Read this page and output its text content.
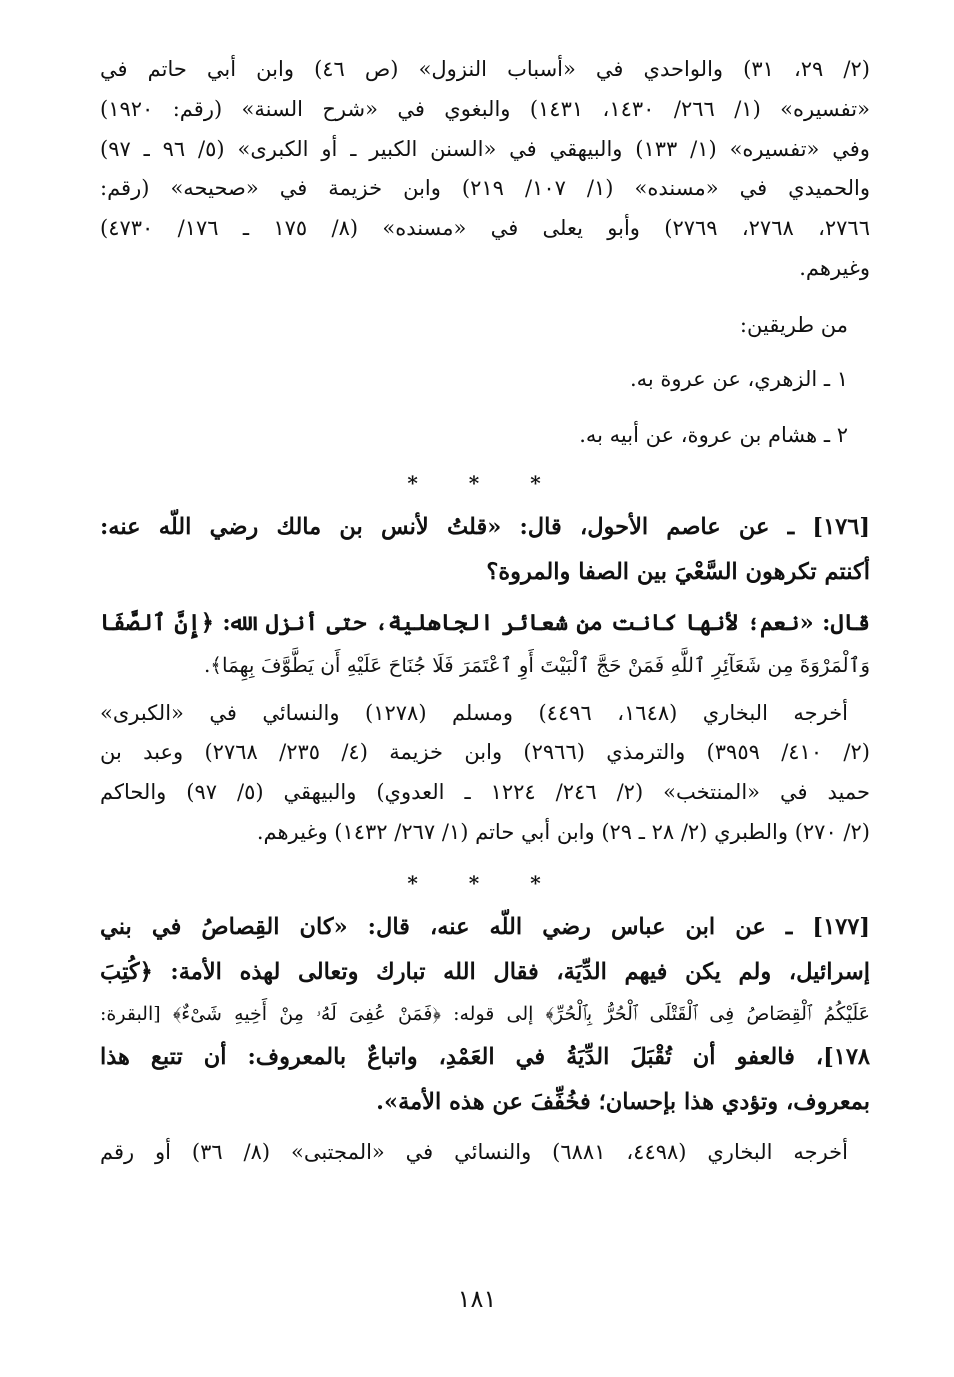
(٢/ ٢٩، ٣١) والواحدي في «أسباب النزول» (ص ٤٦) وابن أبي حاتم في

«تفسيره» (١/ ٢٦٦/ ١٤٣٠، ١٤٣١) والبغوي في «شرح السنة» (رقم: ١٩٢٠)

وفي «تفسيره» (١/ ١٣٣) والبيهقي في «السنن الكبير ـ أو الكبرى» (٥/ ٩٦ ـ ٩٧)

والحميدي في «مسنده» (١/ ١٠٧/ ٢١٩) وابن خزيمة في «صحيحه» (رقم:

٢٧٦٦، ٢٧٦٨، ٢٧٦٩) وأبو يعلى في «مسنده» (٨/ ١٧٥ ـ ١٧٦/ ٤٧٣٠)

وغيرهم.

من طريقين:

١ ـ الزهري، عن عروة به.

٢ ـ هشام بن عروة، عن أبيه به.

* * *

[١٧٦] ـ عن عاصم الأحول، قال: «قلتُ لأنس بن مالك رضي اللّه عنه:

أكنتم تكرهون السَّعْيَ بين الصفا والمروة؟

قال: «نعم؛ لأنها كانت من شعائر الجاهلية، حتى أنزل الله: ﴿إِنَّ ٱلصَّفَا

وَٱلْمَرْوَةَ مِن شَعَآئِرِ ٱللَّهِ فَمَنْ حَجَّ ٱلْبَيْتَ أَوِ ٱعْتَمَرَ فَلَا جُنَاحَ عَلَيْهِ أَن يَطَّوَّفَ بِهِمَا﴾.

أخرجه البخاري (١٦٤٨، ٤٤٩٦) ومسلم (١٢٧٨) والنسائي في «الكبرى»

(٢/ ٤١٠/ ٣٩٥٩) والترمذي (٢٩٦٦) وابن خزيمة (٤/ ٢٣٥/ ٢٧٦٨) وعبد بن

حميد في «المنتخب» (٢/ ٢٤٦/ ١٢٢٤ ـ العدوي) والبيهقي (٥/ ٩٧) والحاكم

(٢/ ٢٧٠) والطبري (٢/ ٢٨ ـ ٢٩) وابن أبي حاتم (١/ ٢٦٧/ ١٤٣٢) وغيرهم.

* * *

[١٧٧] ـ عن ابن عباس رضي اللّه عنه، قال: «كان القِصاصُ في بني

إسرائيل، ولم يكن فيهم الدِّيَة، فقال الله تبارك وتعالى لهذه الأمة: ﴿كُتِبَ

عَلَيْكُمُ ٱلْقِصَاصُ فِى ٱلْقَتْلَى ٱلْحُرُّ بِٱلْحُرِّ﴾ إلى قوله: ﴿فَمَنْ عُفِىَ لَهُۥ مِنْ أَخِيهِ شَىْءٌ﴾ [البقرة:

١٧٨]، فالعفو أن تُقْبَلَ الدِّيَةُ في العَمْدِ، واتباعٌ بالمعروف: أن تتبع هذا

بمعروف، وتؤدي هذا بإحسان؛ فخُفِّفَ عن هذه الأمة».

أخرجه البخاري (٤٤٩٨، ٦٨٨١) والنسائي في «المجتبى» (٨/ ٣٦) أو رقم

١٨١
